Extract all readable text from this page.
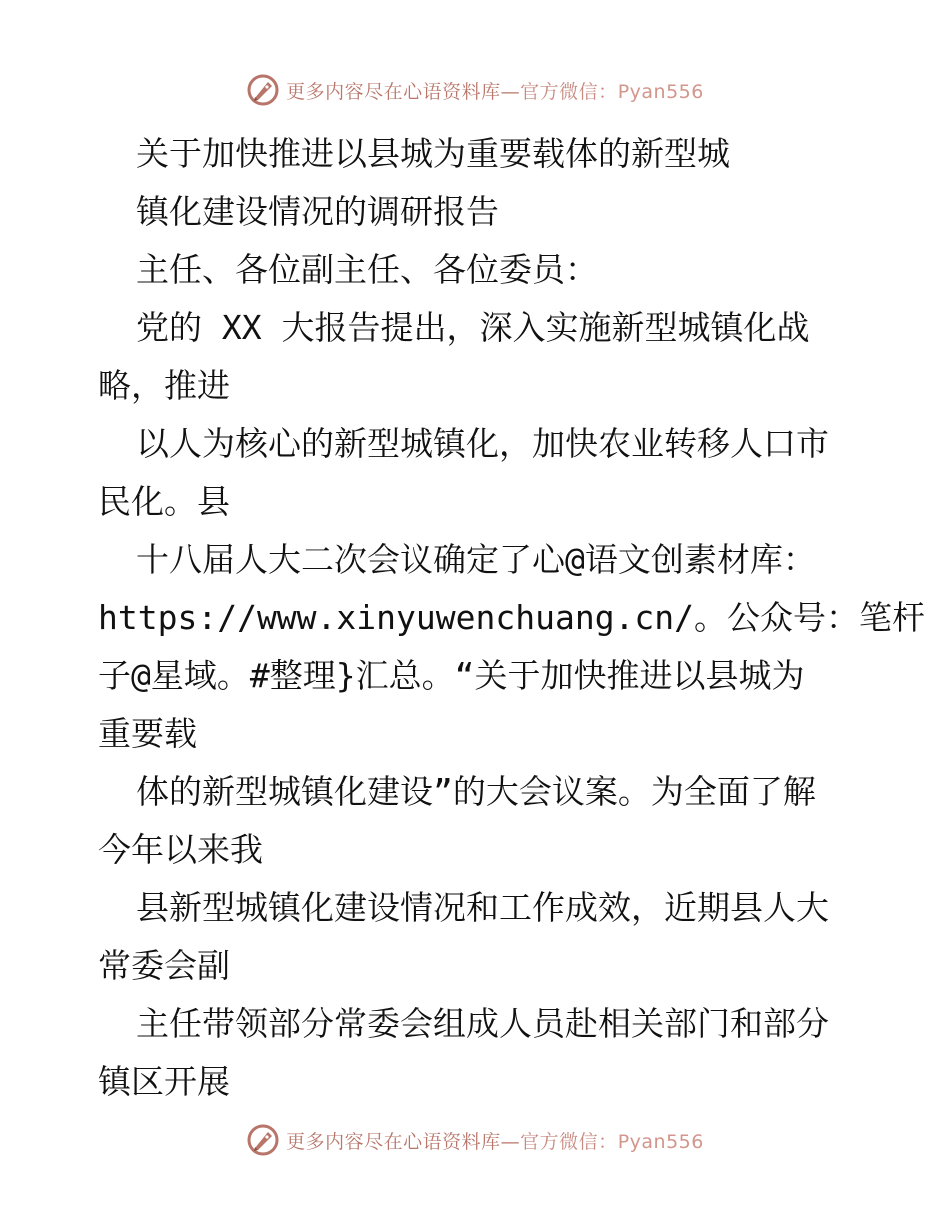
更多内容尽在心语资料库—官方微信：Pyan556
关于加快推进以县城为重要载体的新型城
镇化建设情况的调研报告
主任、各位副主任、各位委员：
党的 XX 大报告提出，深入实施新型城镇化战
略，推进
以人为核心的新型城镇化，加快农业转移人口市
民化。县
十八届人大二次会议确定了心@语文创素材库：
https://www.xinyuwenchuang.cn/。公众号：笔杆
子@星域。#整理}汇总。“关于加快推进以县城为
重要载
体的新型城镇化建设”的大会议案。为全面了解
今年以来我
县新型城镇化建设情况和工作成效，近期县人大
常委会副
主任带领部分常委会组成人员赴相关部门和部分
镇区开展
更多内容尽在心语资料库—官方微信：Pyan556
